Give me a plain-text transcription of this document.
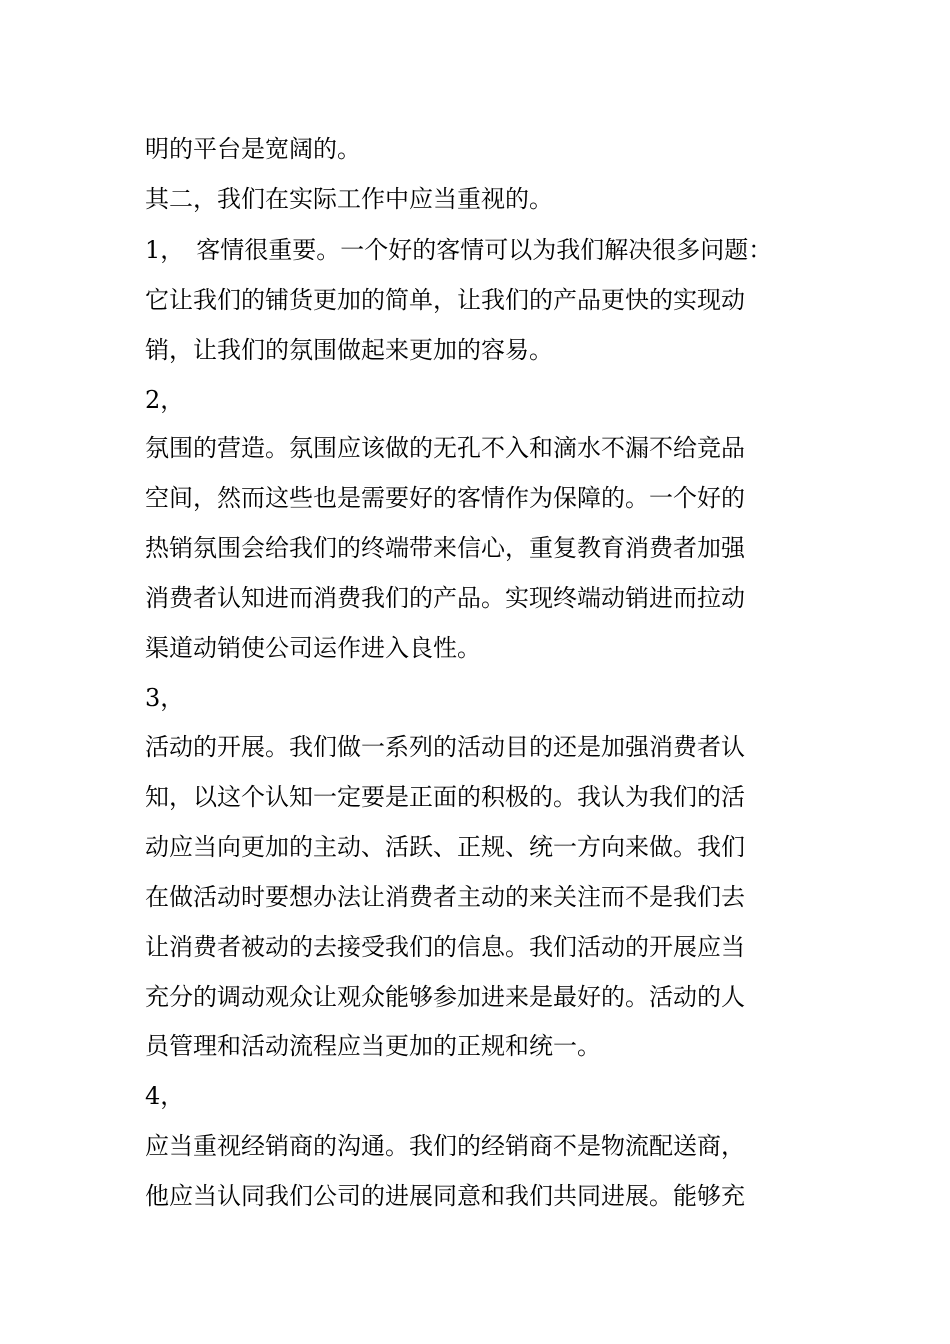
明的平台是宽阔的。

其二，我们在实际工作中应当重视的。

1，　客情很重要。一个好的客情可以为我们解决很多问题：

它让我们的铺货更加的简单，让我们的产品更快的实现动

销，让我们的氛围做起来更加的容易。

2，

氛围的营造。氛围应该做的无孔不入和滴水不漏不给竞品

空间，然而这些也是需要好的客情作为保障的。一个好的

热销氛围会给我们的终端带来信心，重复教育消费者加强

消费者认知进而消费我们的产品。实现终端动销进而拉动

渠道动销使公司运作进入良性。

3，

活动的开展。我们做一系列的活动目的还是加强消费者认

知，以这个认知一定要是正面的积极的。我认为我们的活

动应当向更加的主动、活跃、正规、统一方向来做。我们

在做活动时要想办法让消费者主动的来关注而不是我们去

让消费者被动的去接受我们的信息。我们活动的开展应当

充分的调动观众让观众能够参加进来是最好的。活动的人

员管理和活动流程应当更加的正规和统一。

4，

应当重视经销商的沟通。我们的经销商不是物流配送商，

他应当认同我们公司的进展同意和我们共同进展。能够充
